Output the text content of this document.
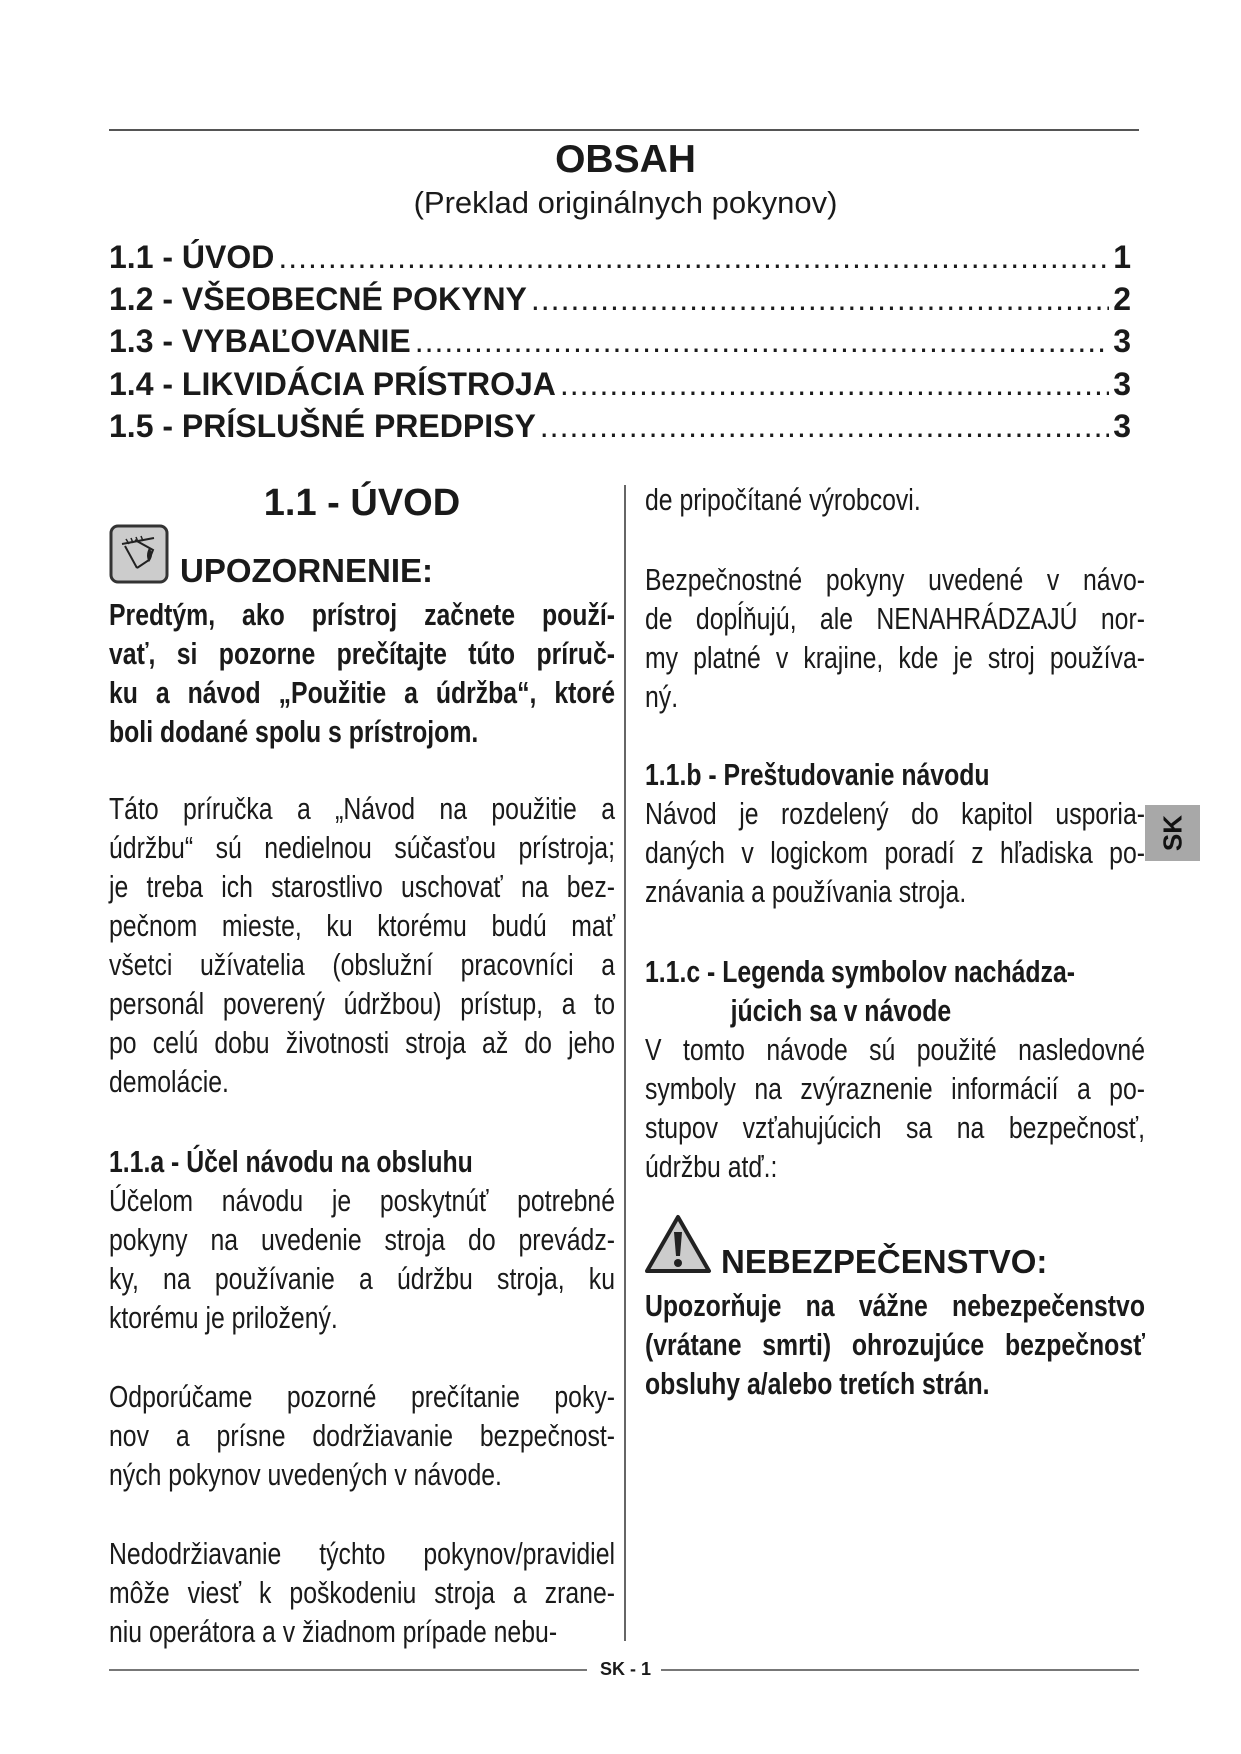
OBSAH
(Preklad originálnych pokynov)
1.1 - ÚVOD .....	1
1.2 - VŠEOBECNÉ POKYNY .....	2
1.3 - VYBAĽOVANIE .....	3
1.4 - LIKVIDÁCIA PRÍSTROJA .....	3
1.5 - PRÍSLUŠNÉ PREDPISY .....	3
1.1 - ÚVOD
UPOZORNENIE:
Predtým, ako prístroj začnete použí-
vať, si pozorne prečítajte túto príruč-
ku a návod „Použitie a údržba“, ktoré
boli dodané spolu s prístrojom.
Táto príručka a „Návod na použitie a
údržbu“ sú nedielnou súčasťou prístroja;
je treba ich starostlivo uschovať na bez-
pečnom mieste, ku ktorému budú mať
všetci užívatelia (obslužní pracovníci a
personál poverený údržbou) prístup, a to
po celú dobu životnosti stroja až do jeho
demolácie.
1.1.a - Účel návodu na obsluhu
Účelom návodu je poskytnúť potrebné
pokyny na uvedenie stroja do prevádz-
ky, na používanie a údržbu stroja, ku
ktorému je priložený.
Odporúčame pozorné prečítanie poky-
nov a prísne dodržiavanie bezpečnost-
ných pokynov uvedených v návode.
Nedodržiavanie týchto pokynov/pravidiel
môže viesť k poškodeniu stroja a zrane-
niu operátora a v žiadnom prípade nebu-
de pripočítané výrobcovi.
Bezpečnostné pokyny uvedené v návo-
de dopĺňujú, ale NENAHRÁDZAJÚ nor-
my platné v krajine, kde je stroj používa-
ný.
1.1.b - Preštudovanie návodu
Návod je rozdelený do kapitol usporia-
daných v logickom poradí z hľadiska po-
znávania a používania stroja.
1.1.c - Legenda symbolov nachádza-
júcich sa v návode
V tomto návode sú použité nasledovné
symboly na zvýraznenie informácií a po-
stupov vzťahujúcich sa na bezpečnosť,
údržbu atď.:
NEBEZPEČENSTVO:
Upozorňuje na vážne nebezpečenstvo
(vrátane smrti) ohrozujúce bezpečnosť
obsluhy a/alebo tretích strán.
SK
SK - 1
